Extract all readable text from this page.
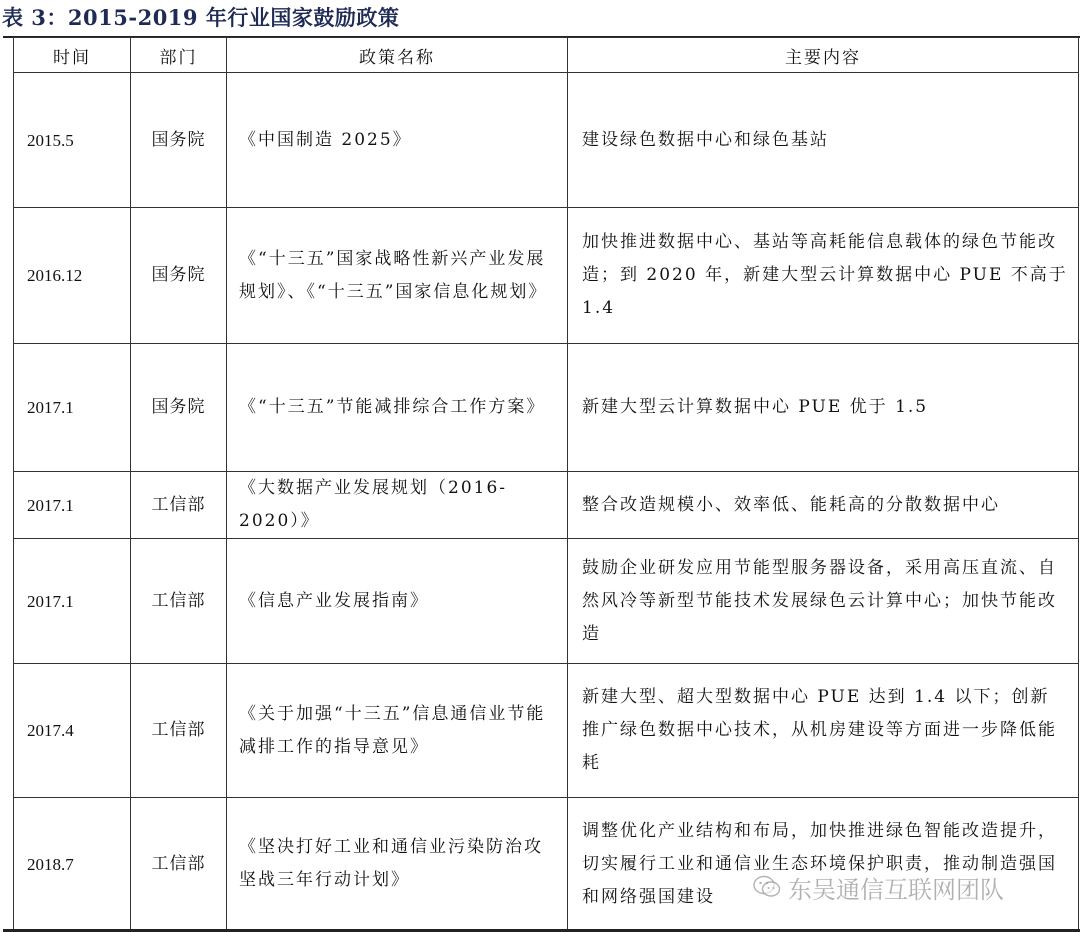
表 3：2015-2019 年行业国家鼓励政策
时间	部门	政策名称	主要内容
2015.5	国务院	《中国制造 2025》	建设绿色数据中心和绿色基站
2016.12	国务院	《“十三五”国家战略性新兴产业发展规划》、《“十三五”国家信息化规划》	加快推进数据中心、基站等高耗能信息载体的绿色节能改造；到 2020 年，新建大型云计算数据中心 PUE 不高于 1.4
2017.1	国务院	《“十三五”节能减排综合工作方案》	新建大型云计算数据中心 PUE 优于 1.5
2017.1	工信部	《大数据产业发展规划（2016-2020）》	整合改造规模小、效率低、能耗高的分散数据中心
2017.1	工信部	《信息产业发展指南》	鼓励企业研发应用节能型服务器设备，采用高压直流、自然风冷等新型节能技术发展绿色云计算中心；加快节能改造
2017.4	工信部	《关于加强“十三五”信息通信业节能减排工作的指导意见》	新建大型、超大型数据中心 PUE 达到 1.4 以下；创新推广绿色数据中心技术，从机房建设等方面进一步降低能耗
2018.7	工信部	《坚决打好工业和通信业污染防治攻坚战三年行动计划》	调整优化产业结构和布局，加快推进绿色智能改造提升，切实履行工业和通信业生态环境保护职责，推动制造强国和网络强国建设	东吴通信互联网团队
